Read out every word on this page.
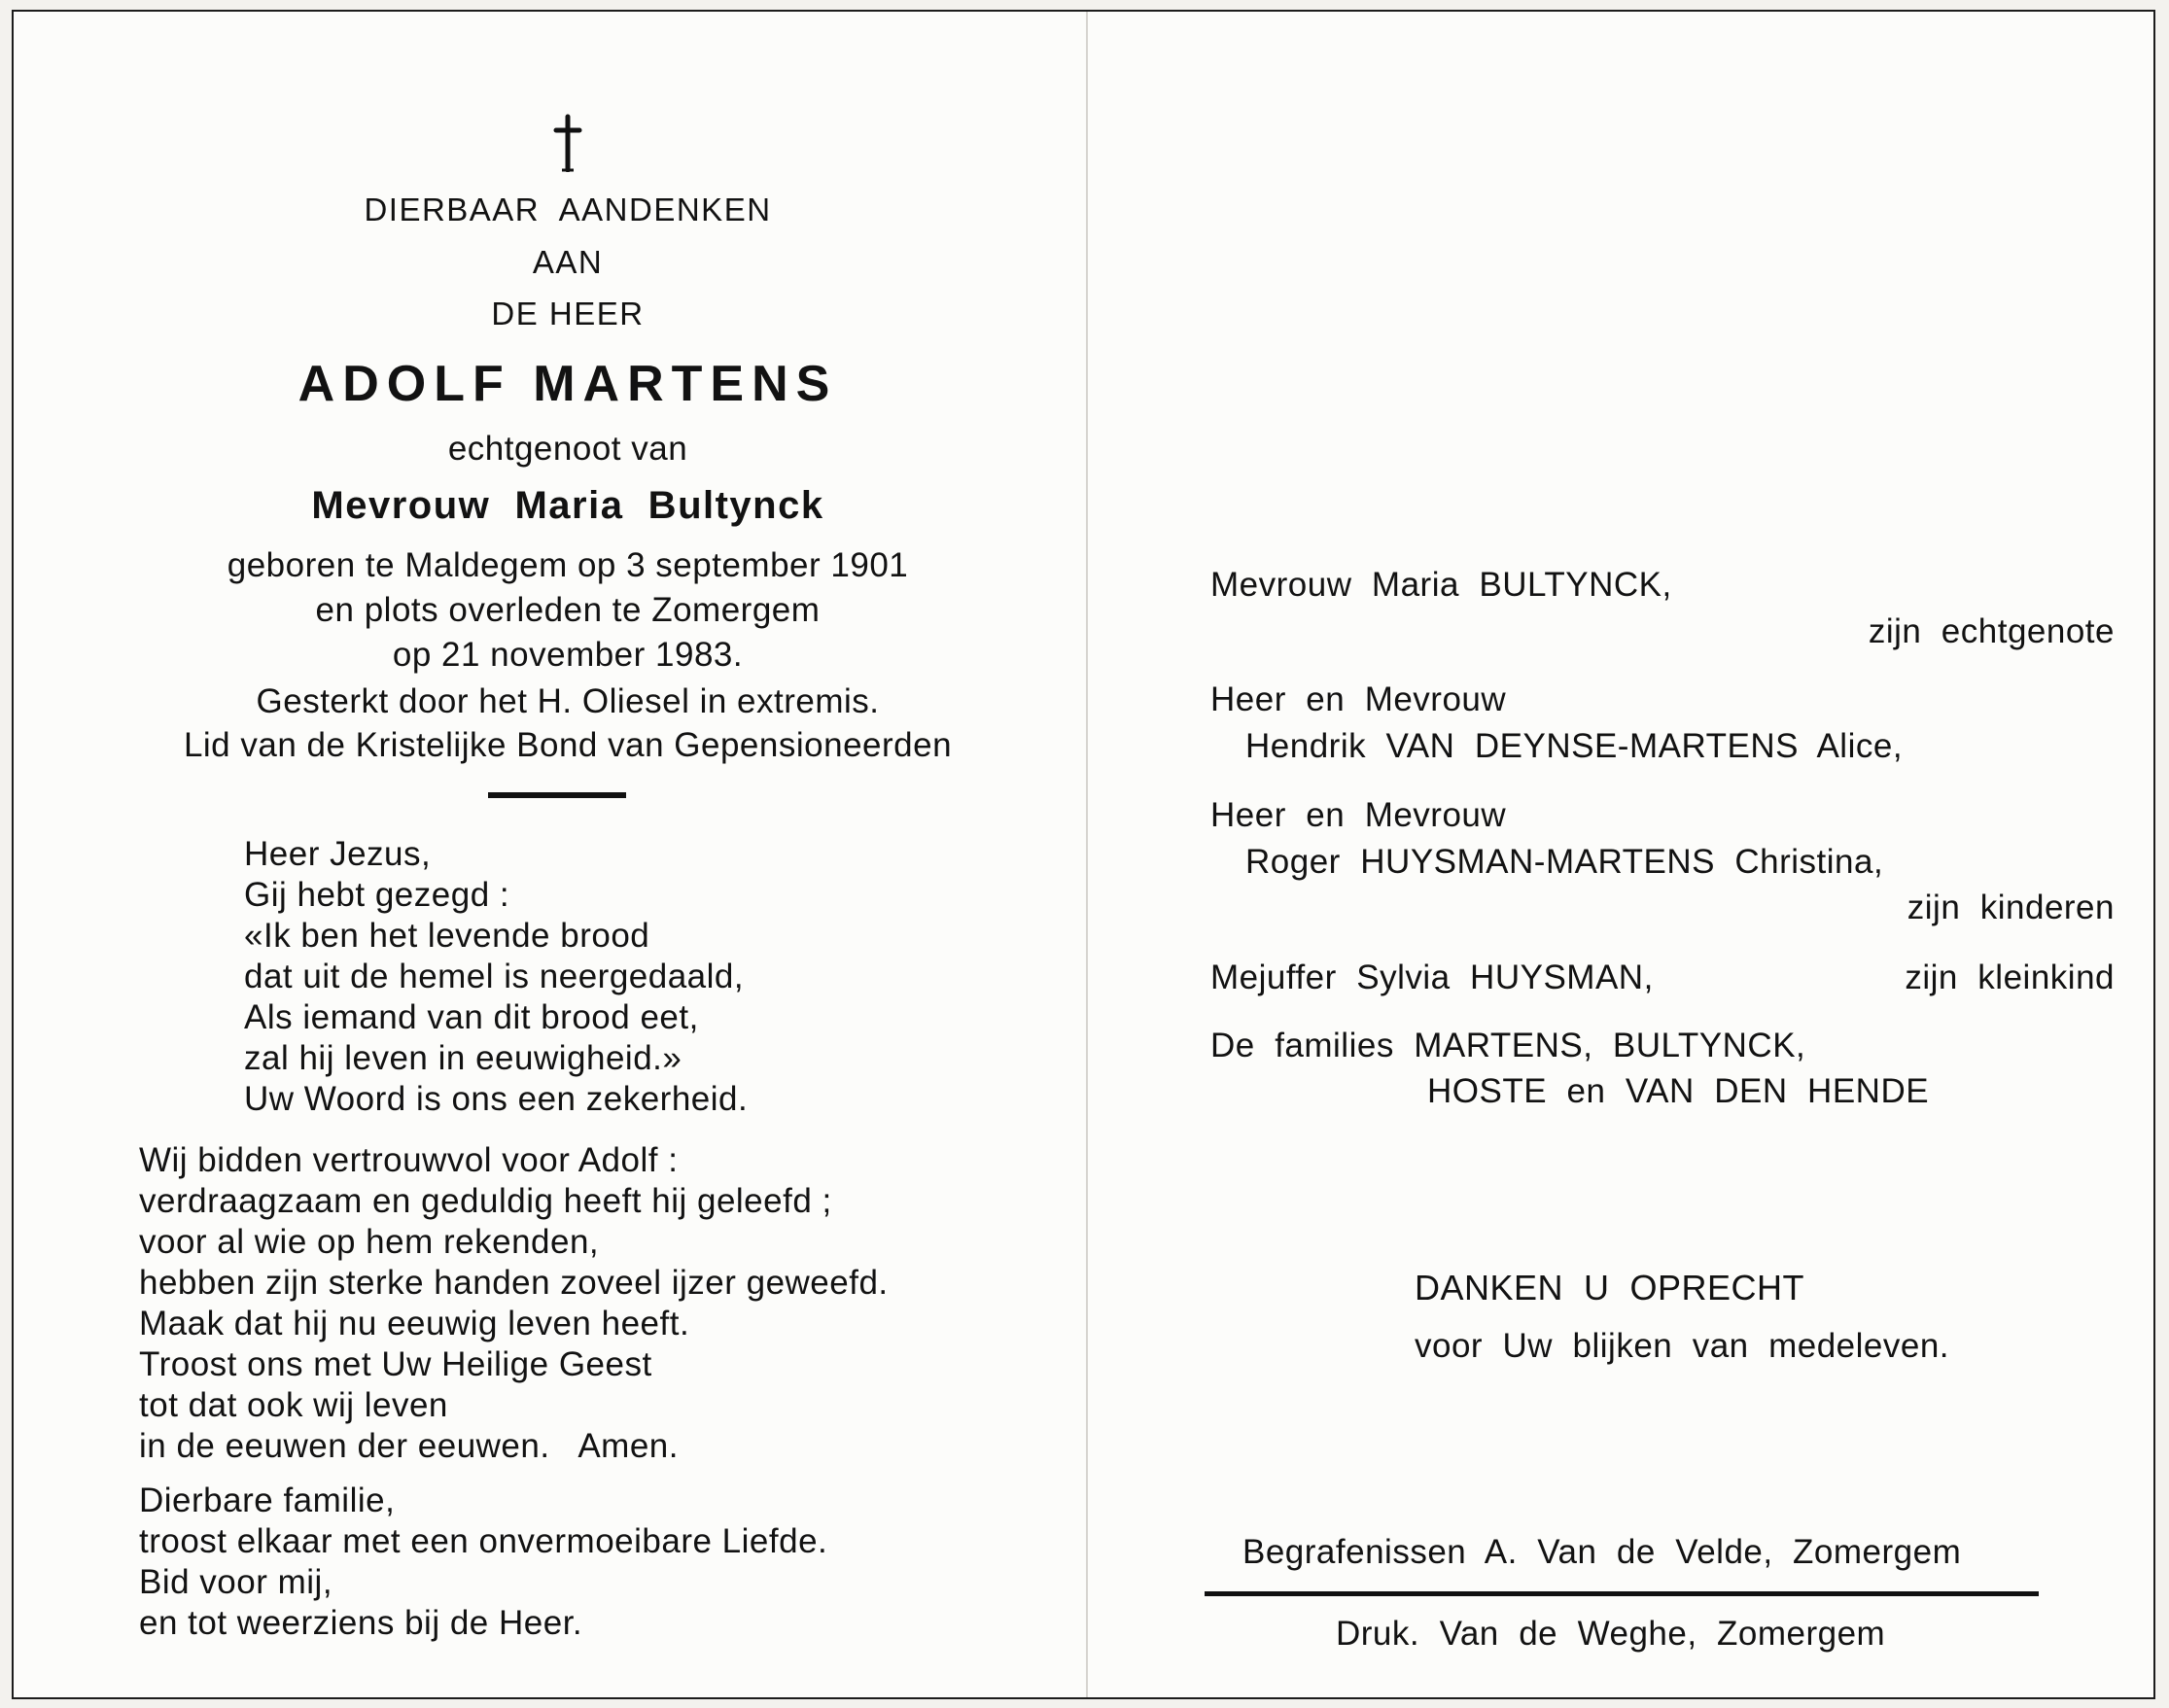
DIERBAAR  AANDENKEN
AAN
DE HEER
ADOLF MARTENS
echtgenoot van
Mevrouw  Maria  Bultynck
geboren te Maldegem op 3 september 1901
en plots overleden te Zomergem
op 21 november 1983.
Gesterkt door het H. Oliesel in extremis.
Lid van de Kristelijke Bond van Gepensioneerden
Heer Jezus,
Gij hebt gezegd :
«Ik ben het levende brood
dat uit de hemel is neergedaald,
Als iemand van dit brood eet,
zal hij leven in eeuwigheid.»
Uw Woord is ons een zekerheid.
Wij bidden vertrouwvol voor Adolf :
verdraagzaam en geduldig heeft hij geleefd ;
voor al wie op hem rekenden,
hebben zijn sterke handen zoveel ijzer geweefd.
Maak dat hij nu eeuwig leven heeft.
Troost ons met Uw Heilige Geest
tot dat ook wij leven
in de eeuwen der eeuwen.   Amen.
Dierbare familie,
troost elkaar met een onvermoeibare Liefde.
Bid voor mij,
en tot weerziens bij de Heer.
Mevrouw  Maria  BULTYNCK,
zijn  echtgenote
Heer  en  Mevrouw
Hendrik  VAN  DEYNSE-MARTENS  Alice,
Heer  en  Mevrouw
Roger  HUYSMAN-MARTENS  Christina,
zijn  kinderen
Mejuffer  Sylvia  HUYSMAN,	zijn  kleinkind
De  families  MARTENS,  BULTYNCK,
HOSTE  en  VAN  DEN  HENDE
DANKEN  U  OPRECHT
voor  Uw  blijken  van  medeleven.
Begrafenissen  A.  Van  de  Velde,  Zomergem
Druk.  Van  de  Weghe,  Zomergem
